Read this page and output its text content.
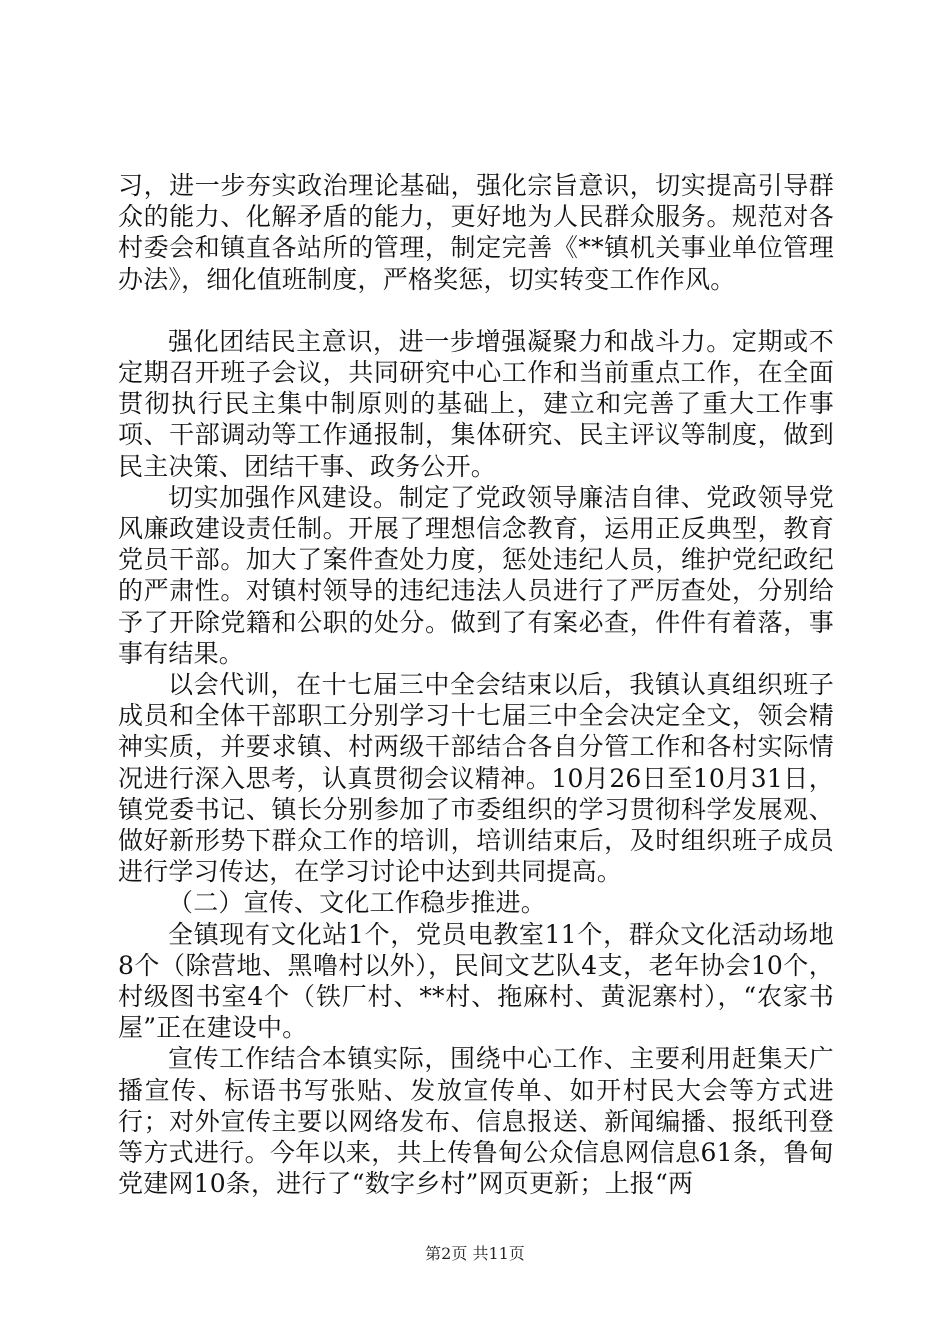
习，进一步夯实政治理论基础，强化宗旨意识，切实提高引导群众的能力、化解矛盾的能力，更好地为人民群众服务。规范对各村委会和镇直各站所的管理，制定完善《**镇机关事业单位管理办法》，细化值班制度，严格奖惩，切实转变工作作风。

强化团结民主意识，进一步增强凝聚力和战斗力。定期或不定期召开班子会议，共同研究中心工作和当前重点工作，在全面贯彻执行民主集中制原则的基础上，建立和完善了重大工作事项、干部调动等工作通报制，集体研究、民主评议等制度，做到民主决策、团结干事、政务公开。

切实加强作风建设。制定了党政领导廉洁自律、党政领导党风廉政建设责任制。开展了理想信念教育，运用正反典型，教育党员干部。加大了案件查处力度，惩处违纪人员，维护党纪政纪的严肃性。对镇村领导的违纪违法人员进行了严厉查处，分别给予了开除党籍和公职的处分。做到了有案必查，件件有着落，事事有结果。

以会代训，在十七届三中全会结束以后，我镇认真组织班子成员和全体干部职工分别学习十七届三中全会决定全文，领会精神实质，并要求镇、村两级干部结合各自分管工作和各村实际情况进行深入思考，认真贯彻会议精神。10月26日至10月31日，镇党委书记、镇长分别参加了市委组织的学习贯彻科学发展观、做好新形势下群众工作的培训，培训结束后，及时组织班子成员进行学习传达，在学习讨论中达到共同提高。

（二）宣传、文化工作稳步推进。

全镇现有文化站1个，党员电教室11个，群众文化活动场地8个（除营地、黑噜村以外），民间文艺队4支，老年协会10个，村级图书室4个（铁厂村、**村、拖麻村、黄泥寨村），“农家书屋”正在建设中。

宣传工作结合本镇实际，围绕中心工作、主要利用赶集天广播宣传、标语书写张贴、发放宣传单、如开村民大会等方式进行；对外宣传主要以网络发布、信息报送、新闻编播、报纸刊登等方式进行。今年以来，共上传鲁甸公众信息网信息61条，鲁甸党建网10条，进行了“数字乡村”网页更新；上报“两

第2页 共11页
